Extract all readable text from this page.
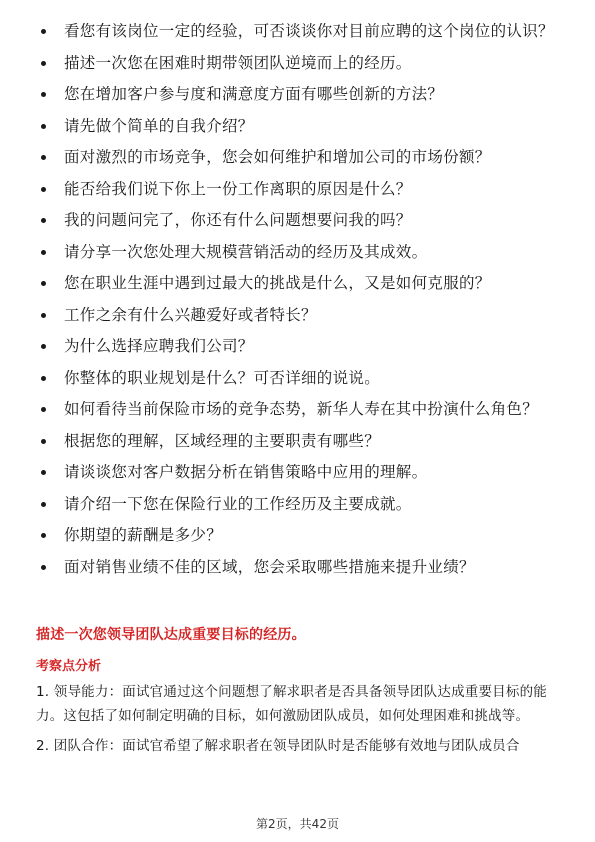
看您有该岗位一定的经验，可否谈谈你对目前应聘的这个岗位的认识？
描述一次您在困难时期带领团队逆境而上的经历。
您在增加客户参与度和满意度方面有哪些创新的方法？
请先做个简单的自我介绍？
面对激烈的市场竞争，您会如何维护和增加公司的市场份额？
能否给我们说下你上一份工作离职的原因是什么？
我的问题问完了，你还有什么问题想要问我的吗？
请分享一次您处理大规模营销活动的经历及其成效。
您在职业生涯中遇到过最大的挑战是什么，又是如何克服的？
工作之余有什么兴趣爱好或者特长？
为什么选择应聘我们公司？
你整体的职业规划是什么？可否详细的说说。
如何看待当前保险市场的竞争态势，新华人寿在其中扮演什么角色？
根据您的理解，区域经理的主要职责有哪些？
请谈谈您对客户数据分析在销售策略中应用的理解。
请介绍一下您在保险行业的工作经历及主要成就。
你期望的薪酬是多少？
面对销售业绩不佳的区域，您会采取哪些措施来提升业绩？
描述一次您领导团队达成重要目标的经历。
考察点分析
1. 领导能力：面试官通过这个问题想了解求职者是否具备领导团队达成重要目标的能力。这包括了如何制定明确的目标，如何激励团队成员，如何处理困难和挑战等。
2. 团队合作：面试官希望了解求职者在领导团队时是否能够有效地与团队成员合
第2页，共42页
